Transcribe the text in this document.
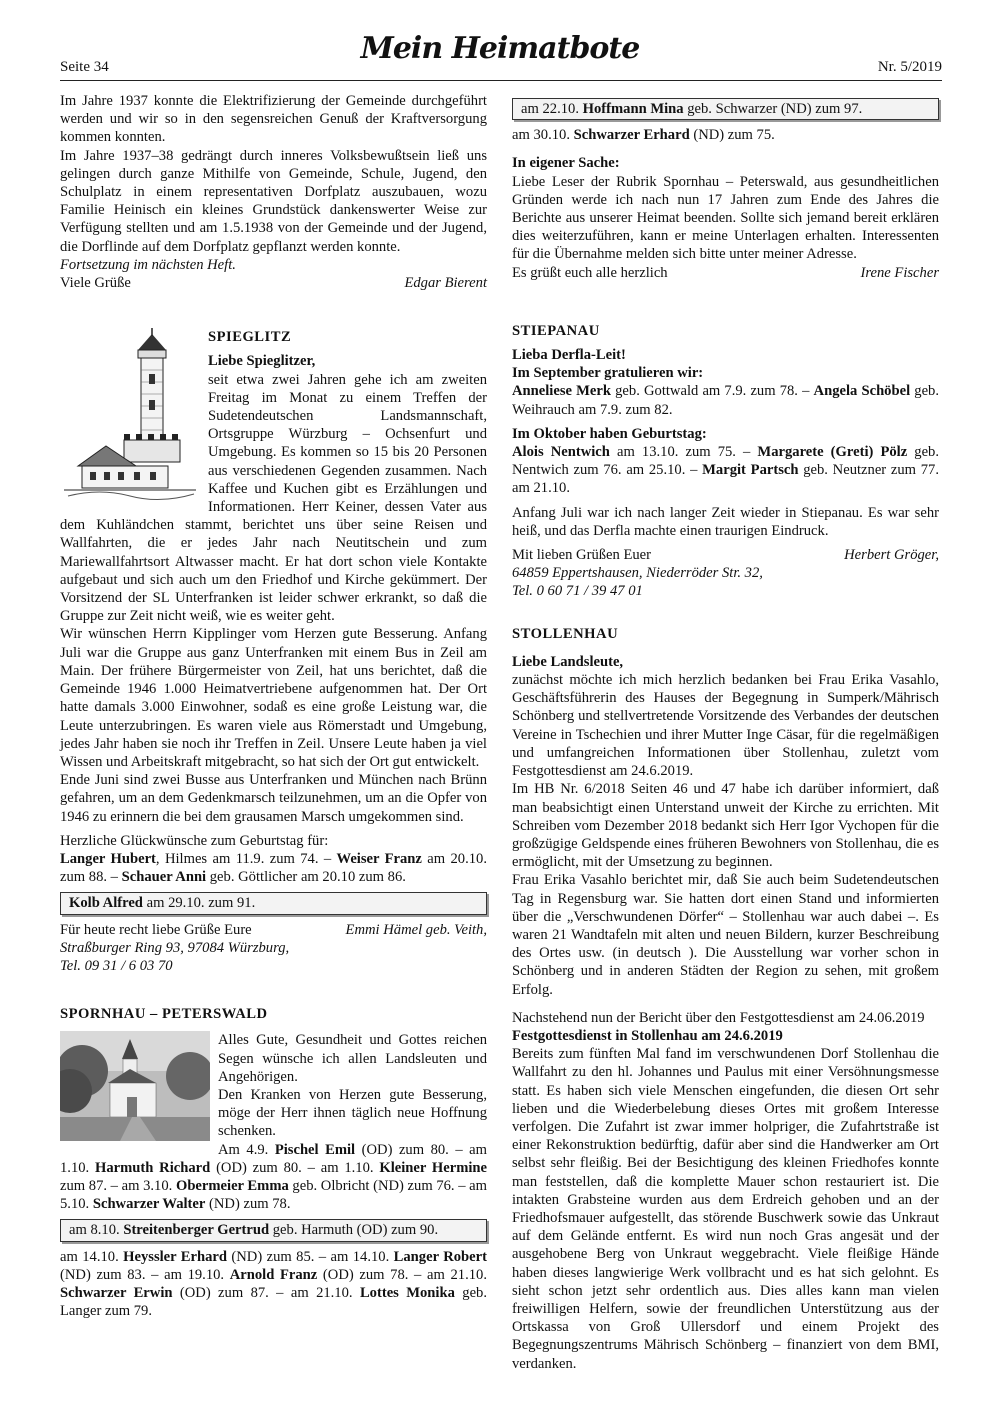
Seite 34
Mein Heimatbote
Nr. 5/2019

Im Jahre 1937 konnte die Elektrifizierung der Gemeinde durchgeführt werden und wir so in den segensreichen Genuß der Kraftversorgung kommen konnten.

Im Jahre 1937–38 gedrängt durch inneres Volksbewußtsein ließ uns gelingen durch ganze Mithilfe von Gemeinde, Schule, Jugend, den Schulplatz in einem representativen Dorfplatz auszubauen, wozu Familie Heinisch ein kleines Grundstück dankenswerter Weise zur Verfügung stellten und am 1.5.1938 von der Gemeinde und der Jugend, die Dorflinde auf dem Dorfplatz gepflanzt werden konnte.

Fortsetzung im nächsten Heft.

Viele Grüße	Edgar Bierent

SPIEGLITZ

Liebe Spieglitzer,

seit etwa zwei Jahren gehe ich am zweiten Freitag im Monat zu einem Treffen der Sudetendeutschen Landsmannschaft, Ortsgruppe Würzburg – Ochsenfurt und Umgebung. Es kommen so 15 bis 20 Personen aus verschiedenen Gegenden zusammen. Nach Kaffee und Kuchen gibt es Erzählungen und Informationen. Herr Keiner, dessen Vater aus dem Kuhländchen stammt, berichtet uns über seine Reisen und Wallfahrten, die er jedes Jahr nach Neutitschein und zum Mariewallfahrtsort Altwasser macht. Er hat dort schon viele Kontakte aufgebaut und sich auch um den Friedhof und Kirche gekümmert. Der Vorsitzend der SL Unterfranken ist leider schwer erkrankt, so daß die Gruppe zur Zeit nicht weiß, wie es weiter geht.

Wir wünschen Herrn Kipplinger vom Herzen gute Besserung. Anfang Juli war die Gruppe aus ganz Unterfranken mit einem Bus in Zeil am Main. Der frühere Bürgermeister von Zeil, hat uns berichtet, daß die Gemeinde 1946 1.000 Heimatvertriebene aufgenommen hat. Der Ort hatte damals 3.000 Einwohner, sodaß es eine große Leistung war, die Leute unterzubringen. Es waren viele aus Römerstadt und Umgebung, jedes Jahr haben sie noch ihr Treffen in Zeil. Unsere Leute haben ja viel Wissen und Arbeitskraft mitgebracht, so hat sich der Ort gut entwickelt.

Ende Juni sind zwei Busse aus Unterfranken und München nach Brünn gefahren, um an dem Gedenkmarsch teilzunehmen, um an die Opfer von 1946 zu erinnern die bei dem grausamen Marsch umgekommen sind.

Herzliche Glückwünsche zum Geburtstag für:

Langer Hubert, Hilmes am 11.9. zum 74. – Weiser Franz am 20.10. zum 88. – Schauer Anni geb. Göttlicher am 20.10 zum 86.

Kolb Alfred am 29.10. zum 91.
Für heute recht liebe Grüße Eure	Emmi Hämel geb. Veith,

Straßburger Ring 93, 97084 Würzburg,

Tel. 09 31 / 6 03 70

SPORNHAU – PETERSWALD

Alles Gute, Gesundheit und Gottes reichen Segen wünsche ich allen Landsleuten und Angehörigen.

Den Kranken von Herzen gute Besserung, möge der Herr ihnen täglich neue Hoffnung schenken.

Am 4.9. Pischel Emil (OD) zum 80. – am 1.10. Harmuth Richard (OD) zum 80. – am 1.10. Kleiner Hermine zum 87. – am 3.10. Obermeier Emma geb. Olbricht (ND) zum 76. – am 5.10. Schwarzer Walter (ND) zum 78.

am 8.10. Streitenberger Gertrud geb. Harmuth (OD) zum 90.

am 14.10. Heyssler Erhard (ND) zum 85. – am 14.10. Langer Robert (ND) zum 83. – am 19.10. Arnold Franz (OD) zum 78. – am 21.10. Schwarzer Erwin (OD) zum 87. – am 21.10. Lottes Monika geb. Langer zum 79.

am 22.10. Hoffmann Mina geb. Schwarzer (ND) zum 97.

am 30.10. Schwarzer Erhard (ND) zum 75.

In eigener Sache:

Liebe Leser der Rubrik Spornhau – Peterswald, aus gesundheitlichen Gründen werde ich nach nun 17 Jahren zum Ende des Jahres die Berichte aus unserer Heimat beenden. Sollte sich jemand bereit erklären dies weiterzuführen, kann er meine Unterlagen erhalten. Interessenten für die Übernahme melden sich bitte unter meiner Adresse.

Es grüßt euch alle herzlich	Irene Fischer

STIEPANAU

Lieba Derfla-Leit!

Im September gratulieren wir:

Anneliese Merk geb. Gottwald am 7.9. zum 78. – Angela Schöbel geb. Weihrauch am 7.9. zum 82.

Im Oktober haben Geburtstag:

Alois Nentwich am 13.10. zum 75. – Margarete (Greti) Pölz geb. Nentwich zum 76. am 25.10. – Margit Partsch geb. Neutzner zum 77. am 21.10.

Anfang Juli war ich nach langer Zeit wieder in Stiepanau. Es war sehr heiß, und das Derfla machte einen traurigen Eindruck.

Mit lieben Grüßen Euer	Herbert Gröger,

64859 Eppertshausen, Niederröder Str. 32,

Tel. 0 60 71 / 39 47 01

STOLLENHAU

Liebe Landsleute,

zunächst möchte ich mich herzlich bedanken bei Frau Erika Vasahlo, Geschäftsführerin des Hauses der Begegnung in Sumperk/Mährisch Schönberg und stellvertretende Vorsitzende des Verbandes der deutschen Vereine in Tschechien und ihrer Mutter Inge Cäsar, für die regelmäßigen und umfangreichen Informationen über Stollenhau, zuletzt vom Festgottesdienst am 24.6.2019.

Im HB Nr. 6/2018 Seiten 46 und 47 habe ich darüber informiert, daß man beabsichtigt einen Unterstand unweit der Kirche zu errichten. Mit Schreiben vom Dezember 2018 bedankt sich Herr Igor Vychopen für die großzügige Geldspende eines früheren Bewohners von Stollenhau, die es ermöglicht, mit der Umsetzung zu beginnen.

Frau Erika Vasahlo berichtet mir, daß Sie auch beim Sudetendeutschen Tag in Regensburg war. Sie hatten dort einen Stand und informierten über die „Verschwundenen Dörfer“ – Stollenhau war auch dabei –. Es waren 21 Wandtafeln mit alten und neuen Bildern, kurzer Beschreibung des Ortes usw. (in deutsch ). Die Ausstellung war vorher schon in Schönberg und in anderen Städten der Region zu sehen, mit großem Erfolg.

Nachstehend nun der Bericht über den Festgottesdienst am 24.06.2019

Festgottesdienst in Stollenhau am 24.6.2019

Bereits zum fünften Mal fand im verschwundenen Dorf Stollenhau die Wallfahrt zu den hl. Johannes und Paulus mit einer Versöhnungsmesse statt. Es haben sich viele Menschen eingefunden, die diesen Ort sehr lieben und die Wiederbelebung dieses Ortes mit großem Interesse verfolgen. Die Zufahrt ist zwar immer holpriger, die Zufahrtstraße ist einer Rekonstruktion bedürftig, dafür aber sind die Handwerker am Ort selbst sehr fleißig. Bei der Besichtigung des kleinen Friedhofes konnte man feststellen, daß die komplette Mauer schon restauriert ist. Die intakten Grabsteine wurden aus dem Erdreich gehoben und an der Friedhofsmauer aufgestellt, das störende Buschwerk sowie das Unkraut auf dem Gelände entfernt. Es wird nun noch Gras angesät und der ausgehobene Berg von Unkraut weggebracht. Viele fleißige Hände haben dieses langwierige Werk vollbracht und es hat sich gelohnt. Es sieht schon jetzt sehr ordentlich aus. Dies alles kann man vielen freiwilligen Helfern, sowie der freundlichen Unterstützung aus der Ortskassa von Groß Ullersdorf und einem Projekt des Begegnungszentrums Mährisch Schönberg – finanziert von dem BMI, verdanken.
